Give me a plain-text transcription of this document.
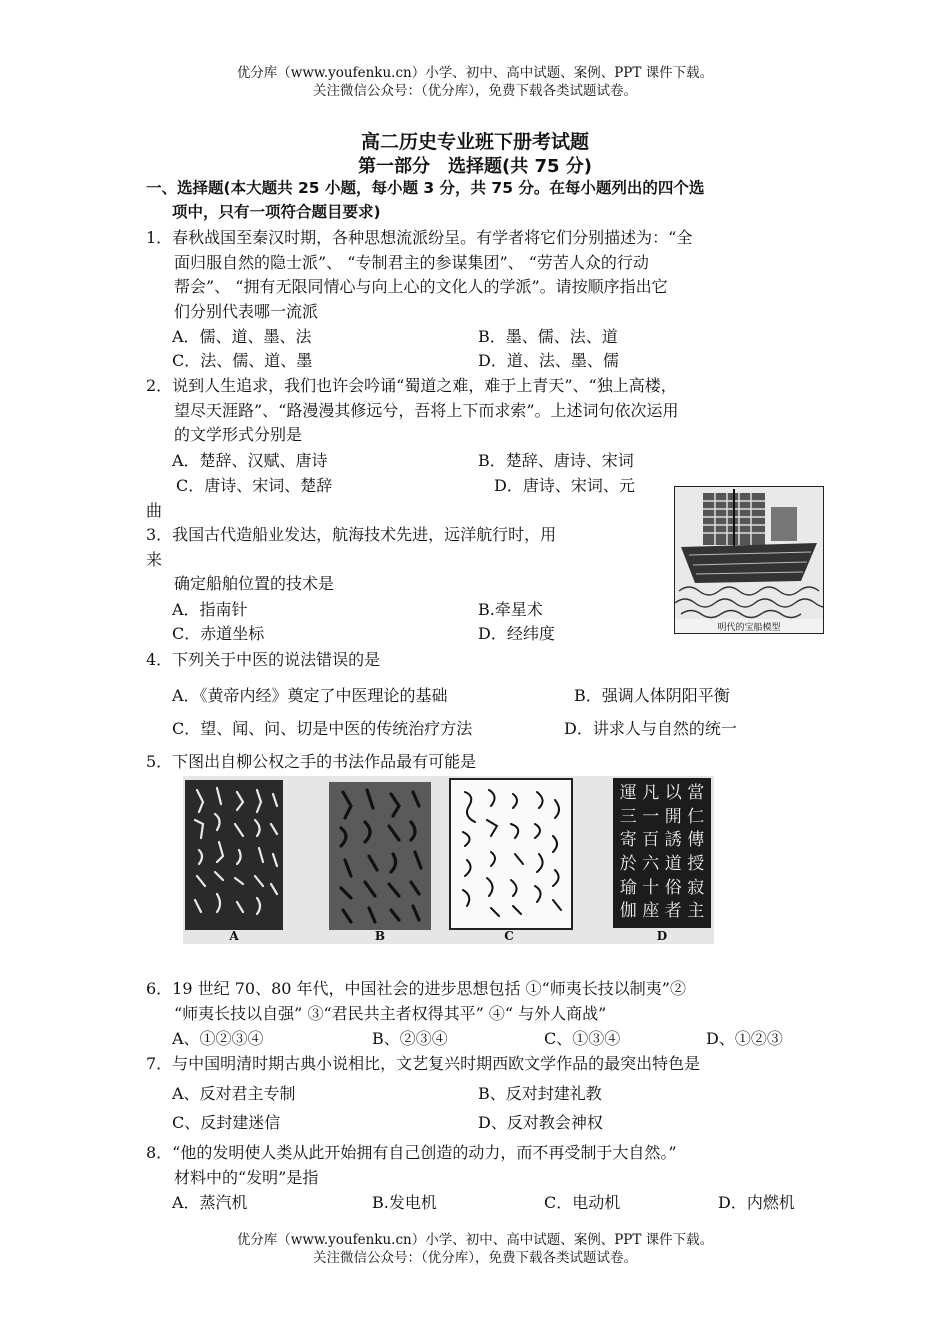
优分库（www.youfenku.cn）小学、初中、高中试题、案例、PPT 课件下载。
关注微信公众号：（优分库），免费下载各类试题试卷。
高二历史专业班下册考试题
第一部分　选择题(共 75 分)
一、选择题(本大题共 25 小题，每小题 3 分，共 75 分。在每小题列出的四个选
项中，只有一项符合题目要求)
1．春秋战国至秦汉时期，各种思想流派纷呈。有学者将它们分别描述为：“全
面归服自然的隐士派”、 “专制君主的参谋集团”、 “劳苦人众的行动
帮会”、 “拥有无限同情心与向上心的文化人的学派”。请按顺序指出它
们分别代表哪一流派
A．儒、道、墨、法	B．墨、儒、法、道
C．法、儒、道、墨	D．道、法、墨、儒
2．说到人生追求，我们也许会吟诵“蜀道之难，难于上青天”、“独上高楼，
望尽天涯路”、“路漫漫其修远兮，吾将上下而求索”。上述词句依次运用
的文学形式分别是
A．楚辞、汉赋、唐诗	B．楚辞、唐诗、宋词
C．唐诗、宋词、楚辞	D．唐诗、宋词、元
曲
3．我国古代造船业发达，航海技术先进，远洋航行时，用
来
确定船舶位置的技术是
A．指南针	B.牵星术
C．赤道坐标	D．经纬度	明代的宝船模型
4．下列关于中医的说法错误的是
A．《黄帝内经》奠定了中医理论的基础	B．强调人体阴阳平衡
C．望、闻、问、切是中医的传统治疗方法	D．讲求人与自然的统一
5．下图出自柳公权之手的书法作品最有可能是
A	B	C
當
仁
傳
授
寂
主
以
開
誘
道
俗
者
凡
一
百
六
十
座
運
三
寄
於
瑜
伽
D
6．19 世纪 70、80 年代，中国社会的进步思想包括 ①“师夷长技以制夷”②
“师夷长技以自强” ③“君民共主者权得其平” ④“ 与外人商战”
A、①②③④	B、②③④	C、①③④	D、①②③
7．与中国明清时期古典小说相比，文艺复兴时期西欧文学作品的最突出特色是
A、反对君主专制	B、反对封建礼教
C、反封建迷信	D、反对教会神权
8．“他的发明使人类从此开始拥有自己创造的动力，而不再受制于大自然。”
材料中的“发明”是指
A．蒸汽机	B.发电机	C．电动机	D．内燃机
优分库（www.youfenku.cn）小学、初中、高中试题、案例、PPT 课件下载。
关注微信公众号：（优分库），免费下载各类试题试卷。
